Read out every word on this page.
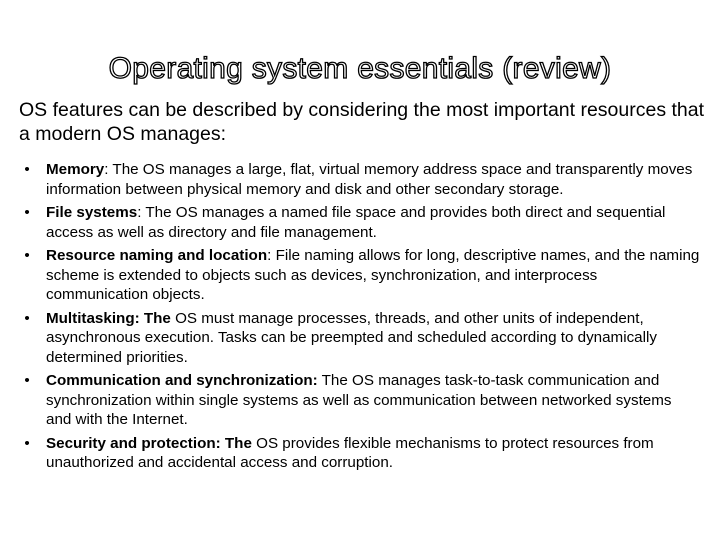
Operating system essentials (review)

OS features can be described by considering the most important resources that a modern OS manages:

• Memory: The OS manages a large, flat, virtual memory address space and transparently moves information between physical memory and disk and other secondary storage.
• File systems: The OS manages a named file space and provides both direct and sequential access as well as directory and file management.
• Resource naming and location: File naming allows for long, descriptive names, and the naming scheme is extended to objects such as devices, synchronization, and interprocess communication objects.
• Multitasking: The OS must manage processes, threads, and other units of independent, asynchronous execution. Tasks can be preempted and scheduled according to dynamically determined priorities.
• Communication and synchronization: The OS manages task-to-task communication and synchronization within single systems as well as communication between networked systems and with the Internet.
• Security and protection: The OS provides flexible mechanisms to protect resources from unauthorized and accidental access and corruption.
